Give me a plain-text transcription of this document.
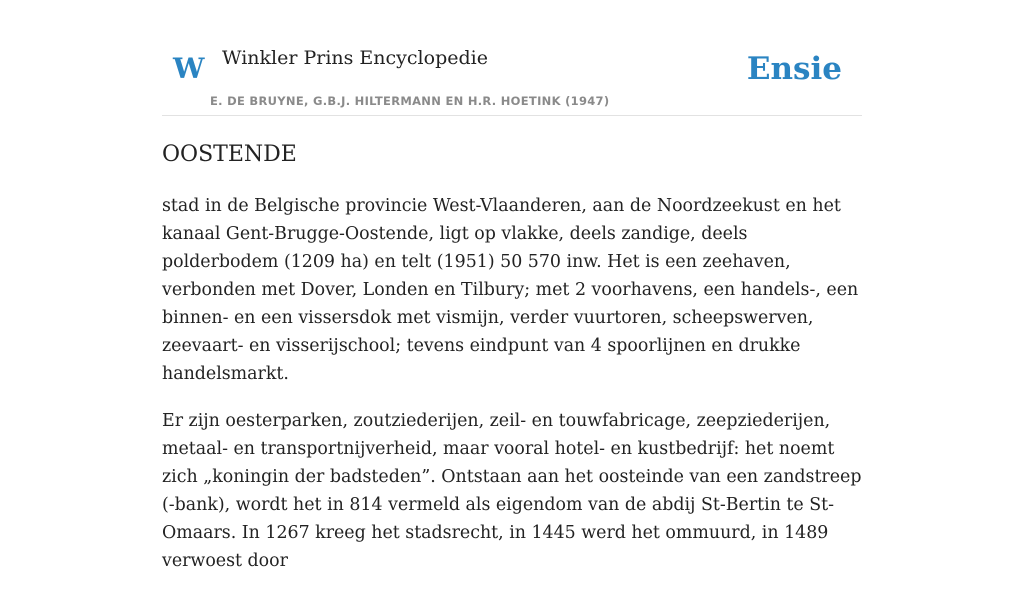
W Winkler Prins Encyclopedie
E. DE BRUYNE, G.B.J. HILTERMANN EN H.R. HOETINK (1947)
Ensie
OOSTENDE

stad in de Belgische provincie West-Vlaanderen, aan de Noordzeekust en het kanaal Gent-Brugge-Oostende, ligt op vlakke, deels zandige, deels polderbodem (1209 ha) en telt (1951) 50 570 inw. Het is een zeehaven, verbonden met Dover, Londen en Tilbury; met 2 voorhavens, een handels-, een binnen- en een vissersdok met vismijn, verder vuurtoren, scheepswerven, zeevaart- en visserijschool; tevens eindpunt van 4 spoorlijnen en drukke handelsmarkt.

Er zijn oesterparken, zoutziederijen, zeil- en touwfabricage, zeepziederijen, metaal- en transportnijverheid, maar vooral hotel- en kustbedrijf: het noemt zich „koningin der badsteden”. Ontstaan aan het oosteinde van een zandstreep (-bank), wordt het in 814 vermeld als eigendom van de abdij St-Bertin te St-Omaars. In 1267 kreeg het stadsrecht, in 1445 werd het ommuurd, in 1489 verwoest door
